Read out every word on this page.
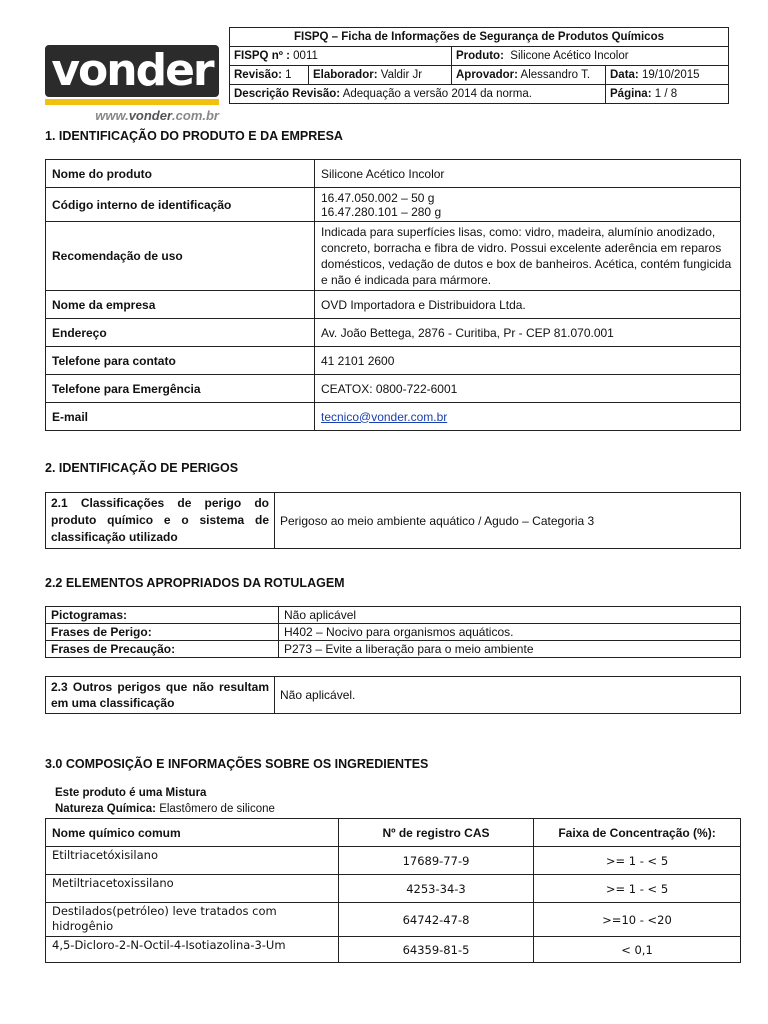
vonder
www.vonder.com.br
FISPQ – Ficha de Informações de Segurança de Produtos Químicos			
FISPQ nº : 0011		Produto: Silicone Acético Incolor	
Revisão: 1	Elaborador: Valdir Jr	Aprovador: Alessandro T.	Data: 19/10/2015
Descrição Revisão: Adequação a versão 2014 da norma.			Página: 1 / 8
1. IDENTIFICAÇÃO DO PRODUTO E DA EMPRESA
Nome do produto	Silicone Acético Incolor
Código interno de identificação	16.47.050.002 – 50 g
16.47.280.101 – 280 g

Recomendação de uso	Indicada para superfícies lisas, como: vidro, madeira, alumínio anodizado, concreto, borracha e fibra de vidro. Possui excelente aderência em reparos domésticos, vedação de dutos e box de banheiros. Acética, contém fungicida e não é indicada para mármore.
Nome da empresa	OVD Importadora e Distribuidora Ltda.
Endereço	Av. João Bettega, 2876 - Curitiba, Pr - CEP 81.070.001
Telefone para contato	41 2101 2600
Telefone para Emergência	CEATOX: 0800-722-6001
E-mail	tecnico@vonder.com.br
2. IDENTIFICAÇÃO DE PERIGOS
2.1 Classificações de perigo do produto químico e o sistema de classificação utilizado	Perigoso ao meio ambiente aquático / Agudo – Categoria 3
2.2 ELEMENTOS APROPRIADOS DA ROTULAGEM
Pictogramas:	Não aplicável
Frases de Perigo:	H402 – Nocivo para organismos aquáticos.
Frases de Precaução:	P273 – Evite a liberação para o meio ambiente
2.3 Outros perigos que não resultam em uma classificação	Não aplicável.
3.0 COMPOSIÇÃO E INFORMAÇÕES SOBRE OS INGREDIENTES
Este produto é uma Mistura
Natureza Química: Elastômero de silicone
Nome químico comum	Nº de registro CAS	Faixa de Concentração (%):
Etiltriacetóxisilano	17689-77-9	>= 1 - < 5
Metiltriacetoxissilano	4253-34-3	>= 1 - < 5
Destilados(petróleo) leve tratados com hidrogênio	64742-47-8	>=10 - <20
4,5-Dicloro-2-N-Octil-4-Isotiazolina-3-Um	64359-81-5	< 0,1
